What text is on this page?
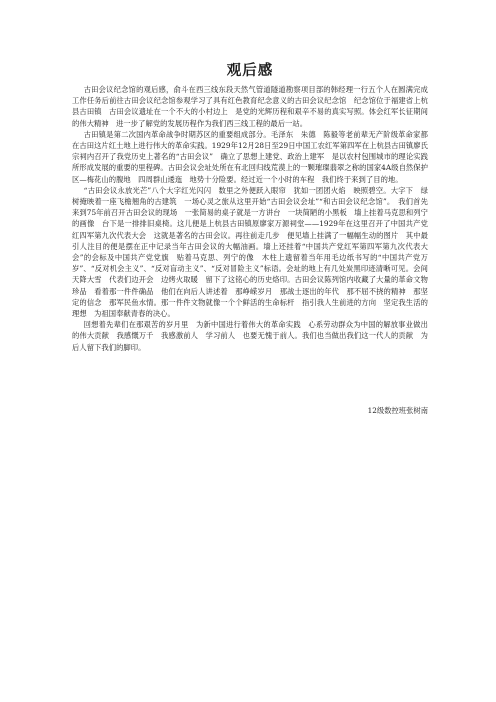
观后感

古田会议纪念馆的观后感，俞斗在西三线东段天然气管道隧道勘察项目部的韩经理一行五个人在圆满完成工作任务后前往古田会议纪念馆参观学习了具有红色教育纪念意义的古田会议纪念馆　纪念馆位于福建省上杭县古田镇　古田会议遗址在一个不大的小村边上　是党的光辉历程和艰辛不易的真实写照。体会红军长征期间的伟大精神　进一步了解党的发展历程作为我们西三线工程的最后一站。

古田镇是第二次国内革命战争时期苏区的重要组成部分。毛泽东　朱德　陈毅等老前辈无产阶级革命家都在古田这片红土地上进行伟大的革命实践。1929年12月28日至29日中国工农红军第四军在上杭县古田镇廖氏宗祠内召开了我党历史上著名的“古田会议”　确立了思想上建党、政治上建军　是以农村包围城市的理论实践所形成发展的重要的里程碑。古田会议会址处所在有北回归线荒漠上的一颗璀璨翡翠之称的国家4A级自然保护区—梅花山的腹地　四周群山逶迤　地势十分险要。经过近一个小时的车程　我们终于来到了目的地。

“古田会议永放光芒”八个大字红光闪闪　数里之外便跃入眼帘　犹如一团团火焰　映照碧空。大字下　绿树掩映着一座飞檐翘角的古建筑　一场心灵之旅从这里开始“古田会议会址”“和古田会议纪念馆”。　我们首先来到75年前召开古田会议的现场　一张简易的桌子就是一方讲台　一块简陋的小黑板　墙上挂着马克思和列宁的画像　台下是一排排旧桌椅。这儿便是上杭县古田镇原廖家万源祠堂——1929年在这里召开了中国共产党红四军第九次代表大会　这就是著名的古田会议。再往前走几步　便见墙上挂满了一幅幅生动的图片　其中最引人注目的便是摆在正中记录当年古田会议的大幅油画。墙上还挂着“中国共产党红军第四军第九次代表大会”的会标及中国共产党党旗　贴着马克思、列宁的像　木柱上遗留着当年用毛边纸书写的“中国共产党万岁”、“反对机会主义”、“反对盲动主义”、“反对冒险主义”标语。会址的地上有几处炭黑印迹清晰可见。会间天降大雪　代表们边开会　边烤火取暖　留下了这铭心的历史烙印。古田会议陈列馆内收藏了大量的革命文物珍品　看着那一件件确品　他们在向后人讲述着　那峥嵘岁月　那战士逐出的年代　那不屈不挠的精神　那坚定的信念　那军民鱼水情。那一件件文物就像一个个鲜活的生命标杆　指引我人生前进的方向　坚定我生活的理想　为祖国奉献青春的决心。

回想着先辈们在那艰苦的岁月里　为新中国进行着伟大的革命实践　心系劳动群众为中国的解放事业做出的伟大贡献　我感慨万千　我感激前人　学习前人　也要无愧于前人。我们也当做出我们这一代人的贡献　为后人留下我们的脚印。

12级数控班张树南
